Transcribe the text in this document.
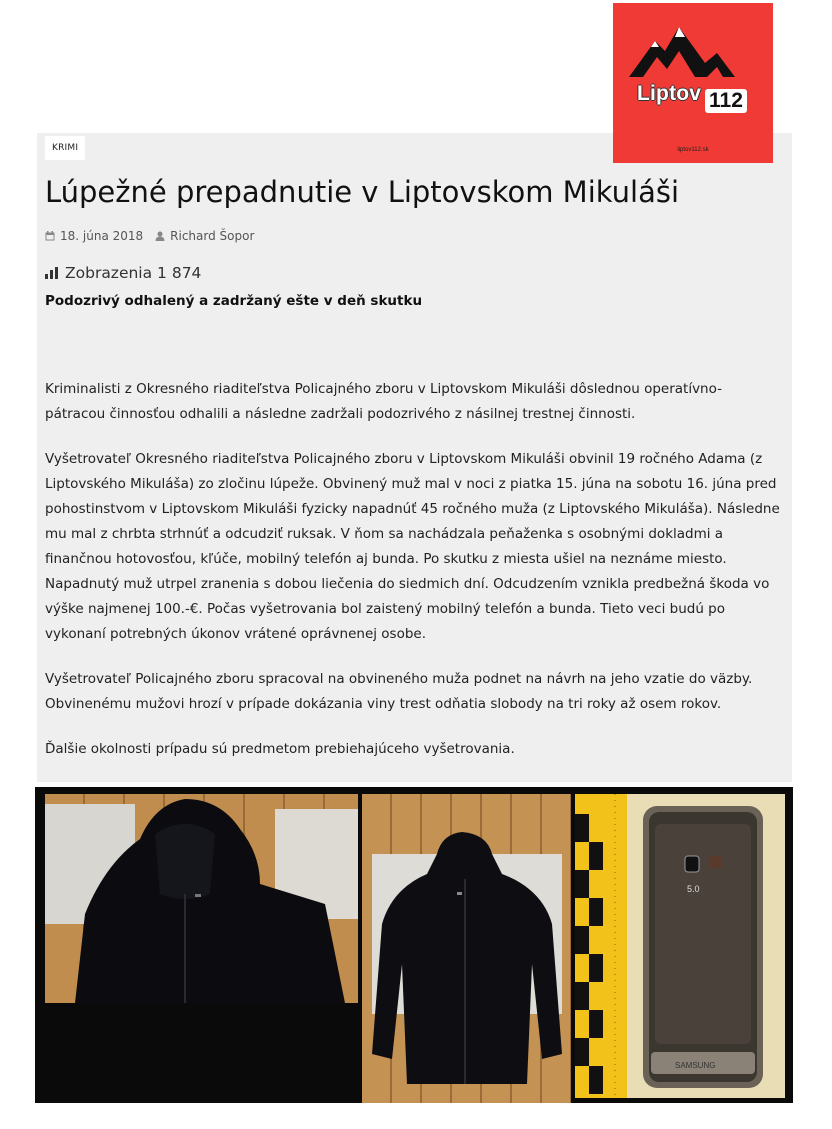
Liptov 112
liptov112.sk
KRIMI
Lúpežné prepadnutie v Liptovskom Mikuláši
18. júna 2018 Richard Šopor
Zobrazenia 1 874
Podozrivý odhalený a zadržaný ešte v deň skutku

Kriminalisti z Okresného riaditeľstva Policajného zboru v Liptovskom Mikuláši dôslednou operatívno-pátracou činnosťou odhalili a následne zadržali podozrivého z násilnej trestnej činnosti.

Vyšetrovateľ Okresného riaditeľstva Policajného zboru v Liptovskom Mikuláši obvinil 19 ročného Adama (z Liptovského Mikuláša) zo zločinu lúpeže. Obvinený muž mal v noci z piatka 15. júna na sobotu 16. júna pred pohostinstvom v Liptovskom Mikuláši fyzicky napadnúť 45 ročného muža (z Liptovského Mikuláša). Následne mu mal z chrbta strhnúť a odcudziť ruksak. V ňom sa nachádzala peňaženka s osobnými dokladmi a finančnou hotovosťou, kľúče, mobilný telefón aj bunda. Po skutku z miesta ušiel na neznáme miesto. Napadnutý muž utrpel zranenia s dobou liečenia do siedmich dní. Odcudzením vznikla predbežná škoda vo výške najmenej 100.-€. Počas vyšetrovania bol zaistený mobilný telefón a bunda. Tieto veci budú po vykonaní potrebných úkonov vrátené oprávnenej osobe.

Vyšetrovateľ Policajného zboru spracoval na obvineného muža podnet na návrh na jeho vzatie do väzby. Obvinenému mužovi hrozí v prípade dokázania viny trest odňatia slobody na tri roky až osem rokov.

Ďalšie okolnosti prípadu sú predmetom prebiehajúceho vyšetrovania.

5.0
SAMSUNG
